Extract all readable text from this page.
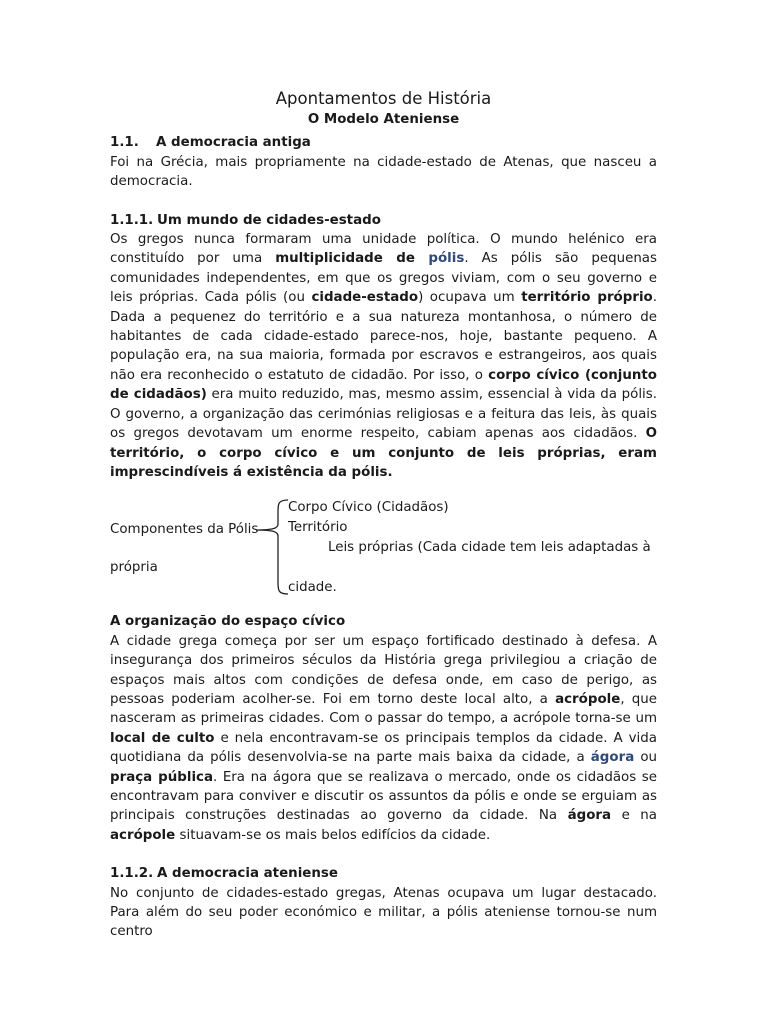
Apontamentos de História
O Modelo Ateniense
1.1. A democracia antiga

Foi na Grécia, mais propriamente na cidade-estado de Atenas, que nasceu a democracia.

1.1.1. Um mundo de cidades-estado

Os gregos nunca formaram uma unidade política. O mundo helénico era constituído por uma multiplicidade de pólis. As pólis são pequenas comunidades independentes, em que os gregos viviam, com o seu governo e leis próprias. Cada pólis (ou cidade-estado) ocupava um território próprio. Dada a pequenez do território e a sua natureza montanhosa, o número de habitantes de cada cidade-estado parece-nos, hoje, bastante pequeno. A população era, na sua maioria, formada por escravos e estrangeiros, aos quais não era reconhecido o estatuto de cidadão. Por isso, o corpo cívico (conjunto de cidadãos) era muito reduzido, mas, mesmo assim, essencial à vida da pólis. O governo, a organização das cerimónias religiosas e a feitura das leis, às quais os gregos devotavam um enorme respeito, cabiam apenas aos cidadãos. O território, o corpo cívico e um conjunto de leis próprias, eram imprescindíveis á existência da pólis.

Componentes da Pólis
Corpo Cívico (Cidadãos)
Território
Leis próprias (Cada cidade tem leis adaptadas à
própria
cidade.
A organização do espaço cívico

A cidade grega começa por ser um espaço fortificado destinado à defesa. A insegurança dos primeiros séculos da História grega privilegiou a criação de espaços mais altos com condições de defesa onde, em caso de perigo, as pessoas poderiam acolher-se. Foi em torno deste local alto, a acrópole, que nasceram as primeiras cidades. Com o passar do tempo, a acrópole torna-se um local de culto e nela encontravam-se os principais templos da cidade. A vida quotidiana da pólis desenvolvia-se na parte mais baixa da cidade, a ágora ou praça pública. Era na ágora que se realizava o mercado, onde os cidadãos se encontravam para conviver e discutir os assuntos da pólis e onde se erguiam as principais construções destinadas ao governo da cidade. Na ágora e na acrópole situavam-se os mais belos edifícios da cidade.

1.1.2. A democracia ateniense

No conjunto de cidades-estado gregas, Atenas ocupava um lugar destacado. Para além do seu poder económico e militar, a pólis ateniense tornou-se num centro
